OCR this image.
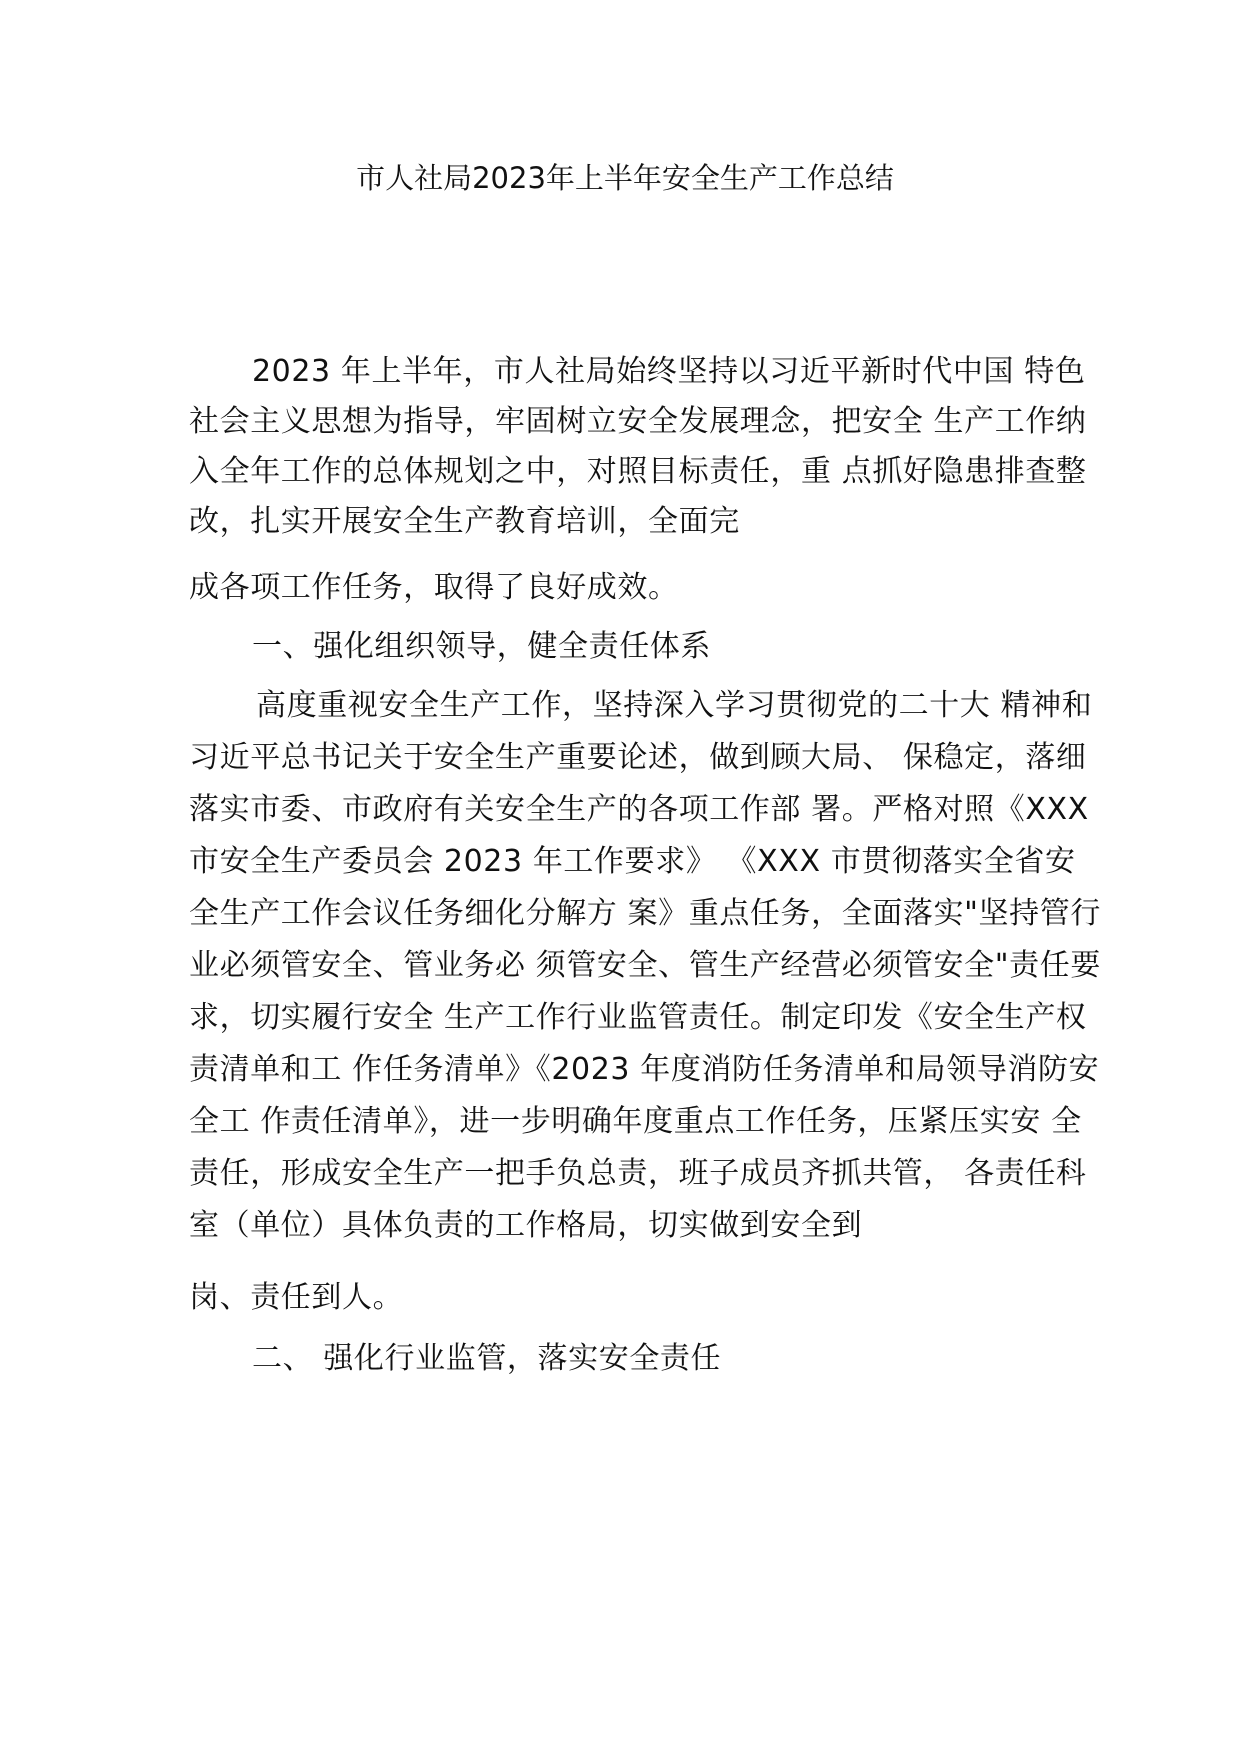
市人社局2023年上半年安全生产工作总结
2023 年上半年，市人社局始终坚持以习近平新时代中国 特色
社会主义思想为指导，牢固树立安全发展理念，把安全 生产工作纳
入全年工作的总体规划之中，对照目标责任，重 点抓好隐患排查整
改，扎实开展安全生产教育培训，全面完
成各项工作任务，取得了良好成效。
一、强化组织领导，健全责任体系
高度重视安全生产工作，坚持深入学习贯彻党的二十大 精神和
习近平总书记关于安全生产重要论述，做到顾大局、 保稳定，落细
落实市委、市政府有关安全生产的各项工作部 署。严格对照《XXX
市安全生产委员会 2023 年工作要求》 《XXX 市贯彻落实全省安
全生产工作会议任务细化分解方 案》重点任务，全面落实"坚持管行
业必须管安全、管业务必 须管安全、管生产经营必须管安全"责任要
求，切实履行安全 生产工作行业监管责任。制定印发《安全生产权
责清单和工 作任务清单》《2023 年度消防任务清单和局领导消防安
全工 作责任清单》，进一步明确年度重点工作任务，压紧压实安 全
责任，形成安全生产一把手负总责，班子成员齐抓共管， 各责任科
室（单位）具体负责的工作格局，切实做到安全到
岗、责任到人。
二、 强化行业监管，落实安全责任
